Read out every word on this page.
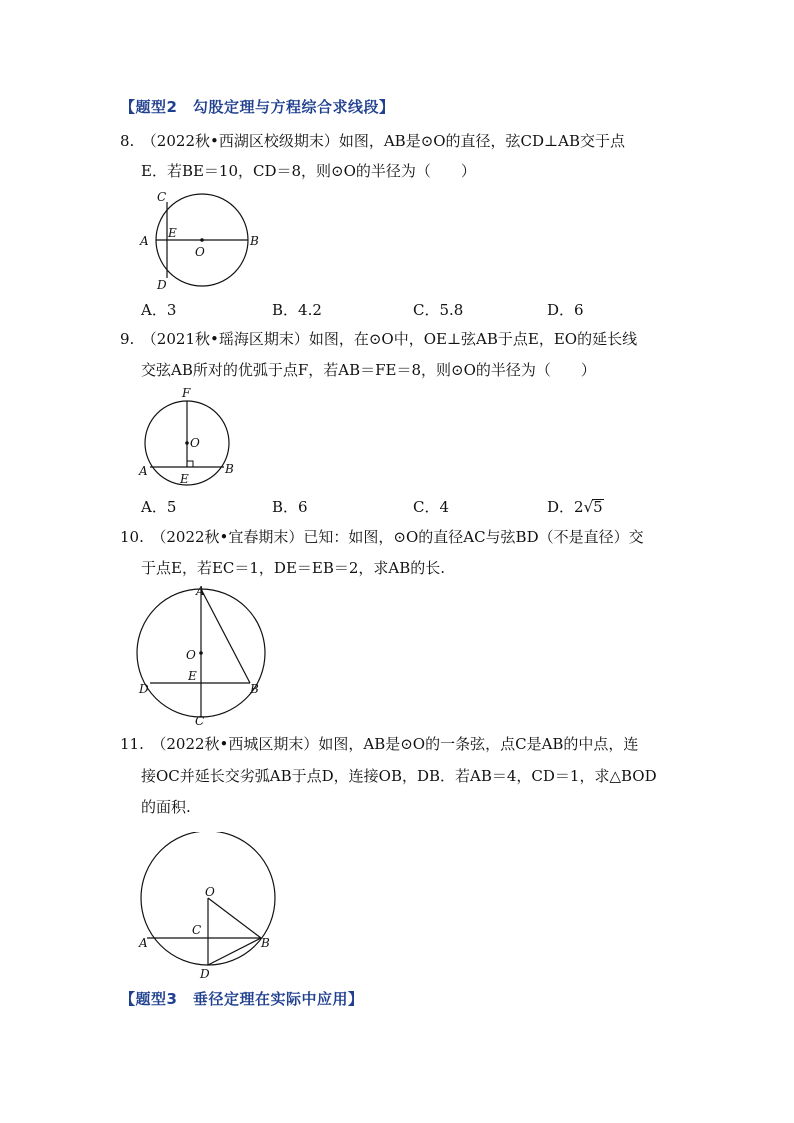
【题型2　勾股定理与方程综合求线段】
8.　（2022秋•西湖区校级期末）如图，AB是⊙O的直径，弦CD⊥AB交于点
E．若BE＝10，CD＝8，则⊙O的半径为（　　）
C
A
E
O
B
D
A．3	B．4.2	C．5.8	D．6
9.　（2021秋•瑶海区期末）如图，在⊙O中，OE⊥弦AB于点E，EO的延长线
交弦AB所对的优弧于点F，若AB＝FE＝8，则⊙O的半径为（　　）
F
O
A	B
E
A．5	B．6	C．4	D．2√5
10.　（2022秋•宜春期末）已知：如图，⊙O的直径AC与弦BD（不是直径）交
于点E，若EC＝1，DE＝EB＝2，求AB的长.
A
O
E
D	B
C
11.　（2022秋•西城区期末）如图，AB是⊙O的一条弦，点C是AB的中点，连
接OC并延长交劣弧AB于点D，连接OB，DB．若AB＝4，CD＝1，求△BOD
的面积.
O
A
C
B
D
【题型3　垂径定理在实际中应用】
